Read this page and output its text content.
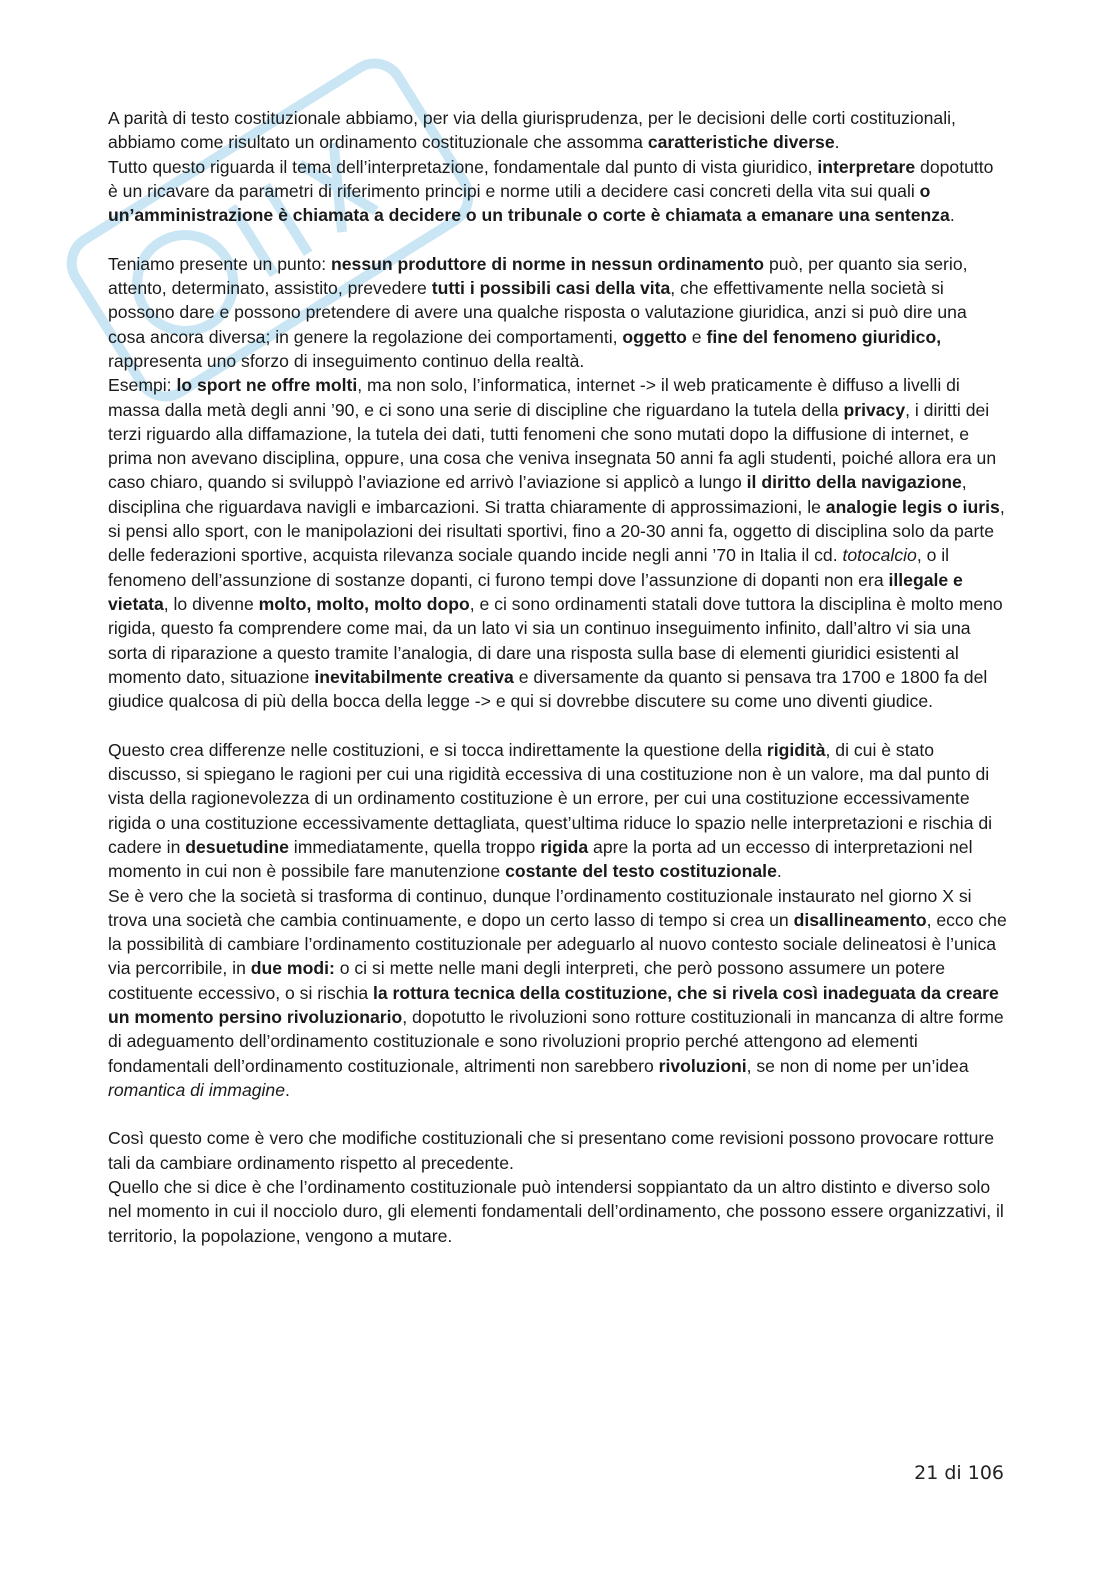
A parità di testo costituzionale abbiamo, per via della giurisprudenza, per le decisioni delle corti costituzionali, abbiamo come risultato un ordinamento costituzionale che assomma caratteristiche diverse.

Tutto questo riguarda il tema dell’interpretazione, fondamentale dal punto di vista giuridico, interpretare dopotutto è un ricavare da parametri di riferimento principi e norme utili a decidere casi concreti della vita sui quali o un’amministrazione è chiamata a decidere o un tribunale o corte è chiamata a emanare una sentenza.

Teniamo presente un punto: nessun produttore di norme in nessun ordinamento può, per quanto sia serio, attento, determinato, assistito, prevedere tutti i possibili casi della vita, che effettivamente nella società si possono dare e possono pretendere di avere una qualche risposta o valutazione giuridica, anzi si può dire una cosa ancora diversa; in genere la regolazione dei comportamenti, oggetto e fine del fenomeno giuridico, rappresenta uno sforzo di inseguimento continuo della realtà.

Esempi: lo sport ne offre molti, ma non solo, l’informatica, internet -> il web praticamente è diffuso a livelli di massa dalla metà degli anni ’90, e ci sono una serie di discipline che riguardano la tutela della privacy, i diritti dei terzi riguardo alla diffamazione, la tutela dei dati, tutti fenomeni che sono mutati dopo la diffusione di internet, e prima non avevano disciplina, oppure, una cosa che veniva insegnata 50 anni fa agli studenti, poiché allora era un caso chiaro, quando si sviluppò l’aviazione ed arrivò l’aviazione si applicò a lungo il diritto della navigazione, disciplina che riguardava navigli e imbarcazioni. Si tratta chiaramente di approssimazioni, le analogie legis o iuris, si pensi allo sport, con le manipolazioni dei risultati sportivi, fino a 20-30 anni fa, oggetto di disciplina solo da parte delle federazioni sportive, acquista rilevanza sociale quando incide negli anni ’70 in Italia il cd. totocalcio, o il fenomeno dell’assunzione di sostanze dopanti, ci furono tempi dove l’assunzione di dopanti non era illegale e vietata, lo divenne molto, molto, molto dopo, e ci sono ordinamenti statali dove tuttora la disciplina è molto meno rigida, questo fa comprendere come mai, da un lato vi sia un continuo inseguimento infinito, dall’altro vi sia una sorta di riparazione a questo tramite l’analogia, di dare una risposta sulla base di elementi giuridici esistenti al momento dato, situazione inevitabilmente creativa e diversamente da quanto si pensava tra 1700 e 1800 fa del giudice qualcosa di più della bocca della legge -> e qui si dovrebbe discutere su come uno diventi giudice.

Questo crea differenze nelle costituzioni, e si tocca indirettamente la questione della rigidità, di cui è stato discusso, si spiegano le ragioni per cui una rigidità eccessiva di una costituzione non è un valore, ma dal punto di vista della ragionevolezza di un ordinamento costituzione è un errore, per cui una costituzione eccessivamente rigida o una costituzione eccessivamente dettagliata, quest’ultima riduce lo spazio nelle interpretazioni e rischia di cadere in desuetudine immediatamente, quella troppo rigida apre la porta ad un eccesso di interpretazioni nel momento in cui non è possibile fare manutenzione costante del testo costituzionale.

Se è vero che la società si trasforma di continuo, dunque l’ordinamento costituzionale instaurato nel giorno X si trova una società che cambia continuamente, e dopo un certo lasso di tempo si crea un disallineamento, ecco che la possibilità di cambiare l’ordinamento costituzionale per adeguarlo al nuovo contesto sociale delineatosi è l’unica via percorribile, in due modi: o ci si mette nelle mani degli interpreti, che però possono assumere un potere costituente eccessivo, o si rischia la rottura tecnica della costituzione, che si rivela così inadeguata da creare un momento persino rivoluzionario, dopotutto le rivoluzioni sono rotture costituzionali in mancanza di altre forme di adeguamento dell’ordinamento costituzionale e sono rivoluzioni proprio perché attengono ad elementi fondamentali dell’ordinamento costituzionale, altrimenti non sarebbero rivoluzioni, se non di nome per un’idea romantica di immagine.

Così questo come è vero che modifiche costituzionali che si presentano come revisioni possono provocare rotture tali da cambiare ordinamento rispetto al precedente.

Quello che si dice è che l’ordinamento costituzionale può intendersi soppiantato da un altro distinto e diverso solo nel momento in cui il nocciolo duro, gli elementi fondamentali dell’ordinamento, che possono essere organizzativi, il territorio, la popolazione, vengono a mutare.

21 di 106
